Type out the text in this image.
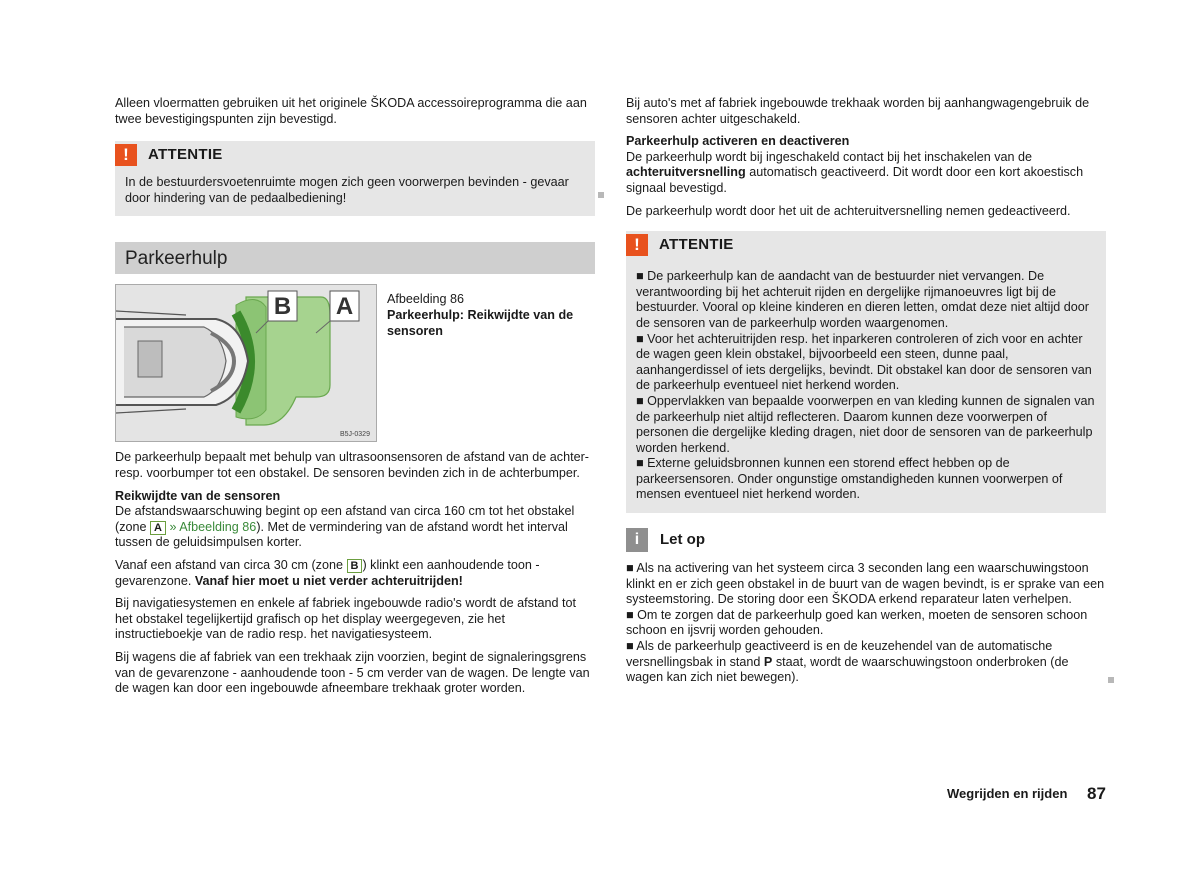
Alleen vloermatten gebruiken uit het originele ŠKODA accessoireprogramma die aan twee bevestigingspunten zijn bevestigd.

!	ATTENTIE
In de bestuurdersvoetenruimte mogen zich geen voorwerpen bevinden - gevaar door hindering van de pedaalbediening!
Parkeerhulp
B A
B5J-0329
Afbeelding 86
Parkeerhulp: Reikwijdte van de sensoren

De parkeerhulp bepaalt met behulp van ultrasoonsensoren de afstand van de achter- resp. voorbumper tot een obstakel. De sensoren bevinden zich in de achterbumper.

Reikwijdte van de sensoren
De afstandswaarschuwing begint op een afstand van circa 160 cm tot het obstakel (zone A » Afbeelding 86). Met de vermindering van de afstand wordt het interval tussen de geluidsimpulsen korter.

Vanaf een afstand van circa 30 cm (zone B ) klinkt een aanhoudende toon - gevarenzone. Vanaf hier moet u niet verder achteruitrijden!

Bij navigatiesystemen en enkele af fabriek ingebouwde radio's wordt de afstand tot het obstakel tegelijkertijd grafisch op het display weergegeven, zie het instructieboekje van de radio resp. het navigatiesysteem.

Bij wagens die af fabriek van een trekhaak zijn voorzien, begint de signaleringsgrens van de gevarenzone - aanhoudende toon - 5 cm verder van de wagen. De lengte van de wagen kan door een ingebouwde afneembare trekhaak groter worden.

Bij auto's met af fabriek ingebouwde trekhaak worden bij aanhangwagengebruik de sensoren achter uitgeschakeld.

Parkeerhulp activeren en deactiveren
De parkeerhulp wordt bij ingeschakeld contact bij het inschakelen van de achteruitversnelling automatisch geactiveerd. Dit wordt door een kort akoestisch signaal bevestigd.

De parkeerhulp wordt door het uit de achteruitversnelling nemen gedeactiveerd.

!	ATTENTIE
■ De parkeerhulp kan de aandacht van de bestuurder niet vervangen. De verantwoording bij het achteruit rijden en dergelijke rijmanoeuvres ligt bij de bestuurder. Vooral op kleine kinderen en dieren letten, omdat deze niet altijd door de sensoren van de parkeerhulp worden waargenomen.
■ Voor het achteruitrijden resp. het inparkeren controleren of zich voor en achter de wagen geen klein obstakel, bijvoorbeeld een steen, dunne paal, aanhangerdissel of iets dergelijks, bevindt. Dit obstakel kan door de sensoren van de parkeerhulp eventueel niet herkend worden.
■ Oppervlakken van bepaalde voorwerpen en van kleding kunnen de signalen van de parkeerhulp niet altijd reflecteren. Daarom kunnen deze voorwerpen of personen die dergelijke kleding dragen, niet door de sensoren van de parkeerhulp worden herkend.
■ Externe geluidsbronnen kunnen een storend effect hebben op de parkeersensoren. Onder ongunstige omstandigheden kunnen voorwerpen of mensen eventueel niet herkend worden.
i	Let op
■ Als na activering van het systeem circa 3 seconden lang een waarschuwingstoon klinkt en er zich geen obstakel in de buurt van de wagen bevindt, is er sprake van een systeemstoring. De storing door een ŠKODA erkend reparateur laten verhelpen.
■ Om te zorgen dat de parkeerhulp goed kan werken, moeten de sensoren schoon schoon en ijsvrij worden gehouden.
■ Als de parkeerhulp geactiveerd is en de keuzehendel van de automatische versnellingsbak in stand P staat, wordt de waarschuwingstoon onderbroken (de wagen kan zich niet bewegen).
Wegrijden en rijden 87
